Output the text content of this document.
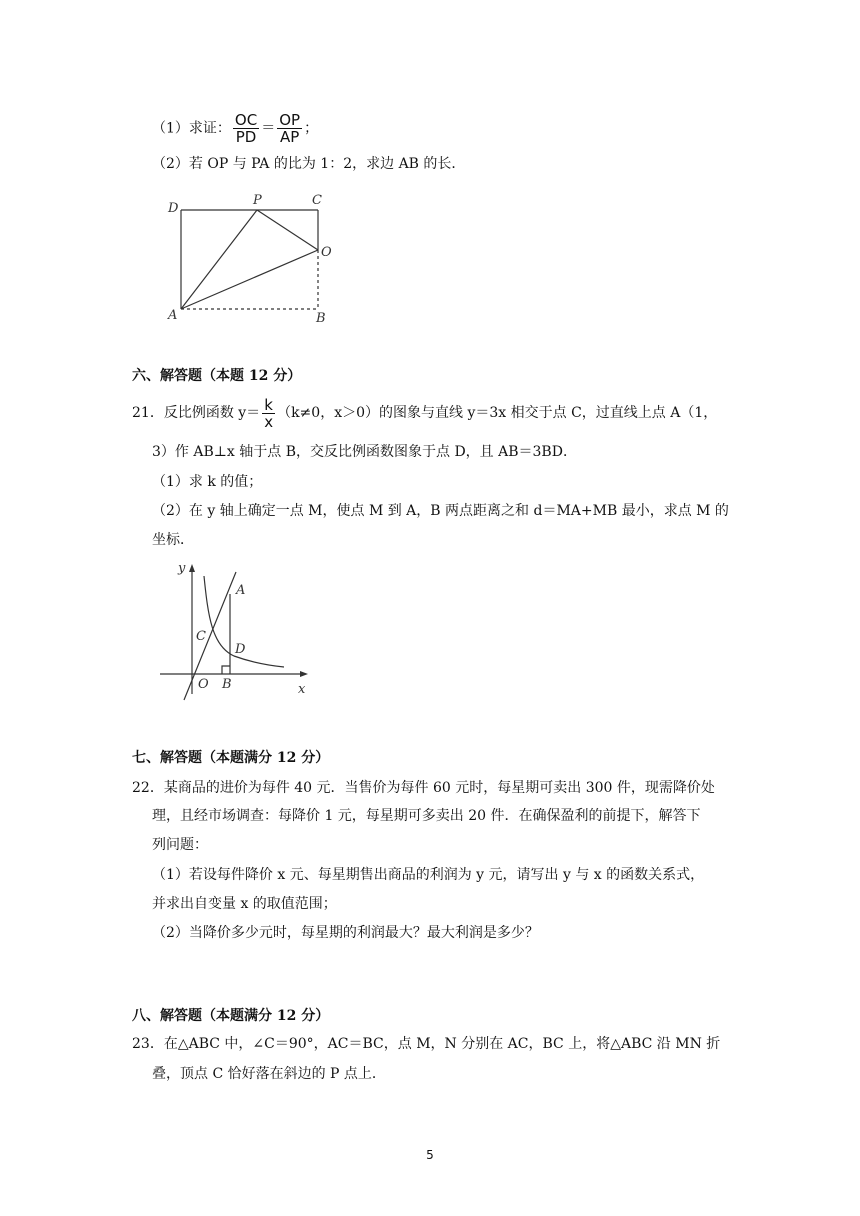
（1）求证： $\frac{OC}{PD} = \frac{OP}{AP}$ ；
（2）若 OP 与 PA 的比为 1：2，求边 AB 的长．
D
P	C
O
A	B
六、解答题（本题 12 分）
21．反比例函数 $y= \frac{k}{x} (k\ne 0$，x＞0）的图象与直线 y＝3x 相交于点 C，过直线上点 A（1，
3）作 AB⊥x 轴于点 B，交反比例函数图象于点 D，且 AB＝3BD．
（1）求 k 的值；
（2）在 y 轴上确定一点 M，使点 M 到 A，B 两点距离之和 d＝MA+MB 最小，求点 M 的
坐标．
y
A
C
D
O B	x
七、解答题（本题满分 12 分）
22．某商品的进价为每件 40 元．当售价为每件 60 元时，每星期可卖出 300 件，现需降价处
理，且经市场调查：每降价 1 元，每星期可多卖出 20 件．在确保盈利的前提下，解答下
列问题：
（1）若设每件降价 x 元、每星期售出商品的利润为 y 元，请写出 y 与 x 的函数关系式，
并求出自变量 x 的取值范围；
（2）当降价多少元时，每星期的利润最大？最大利润是多少？
八、解答题（本题满分 12 分）
23．在△ABC 中，∠C＝90°，AC＝BC，点 M，N 分别在 AC，BC 上，将△ABC 沿 MN 折
叠，顶点 C 恰好落在斜边的 P 点上．
5
